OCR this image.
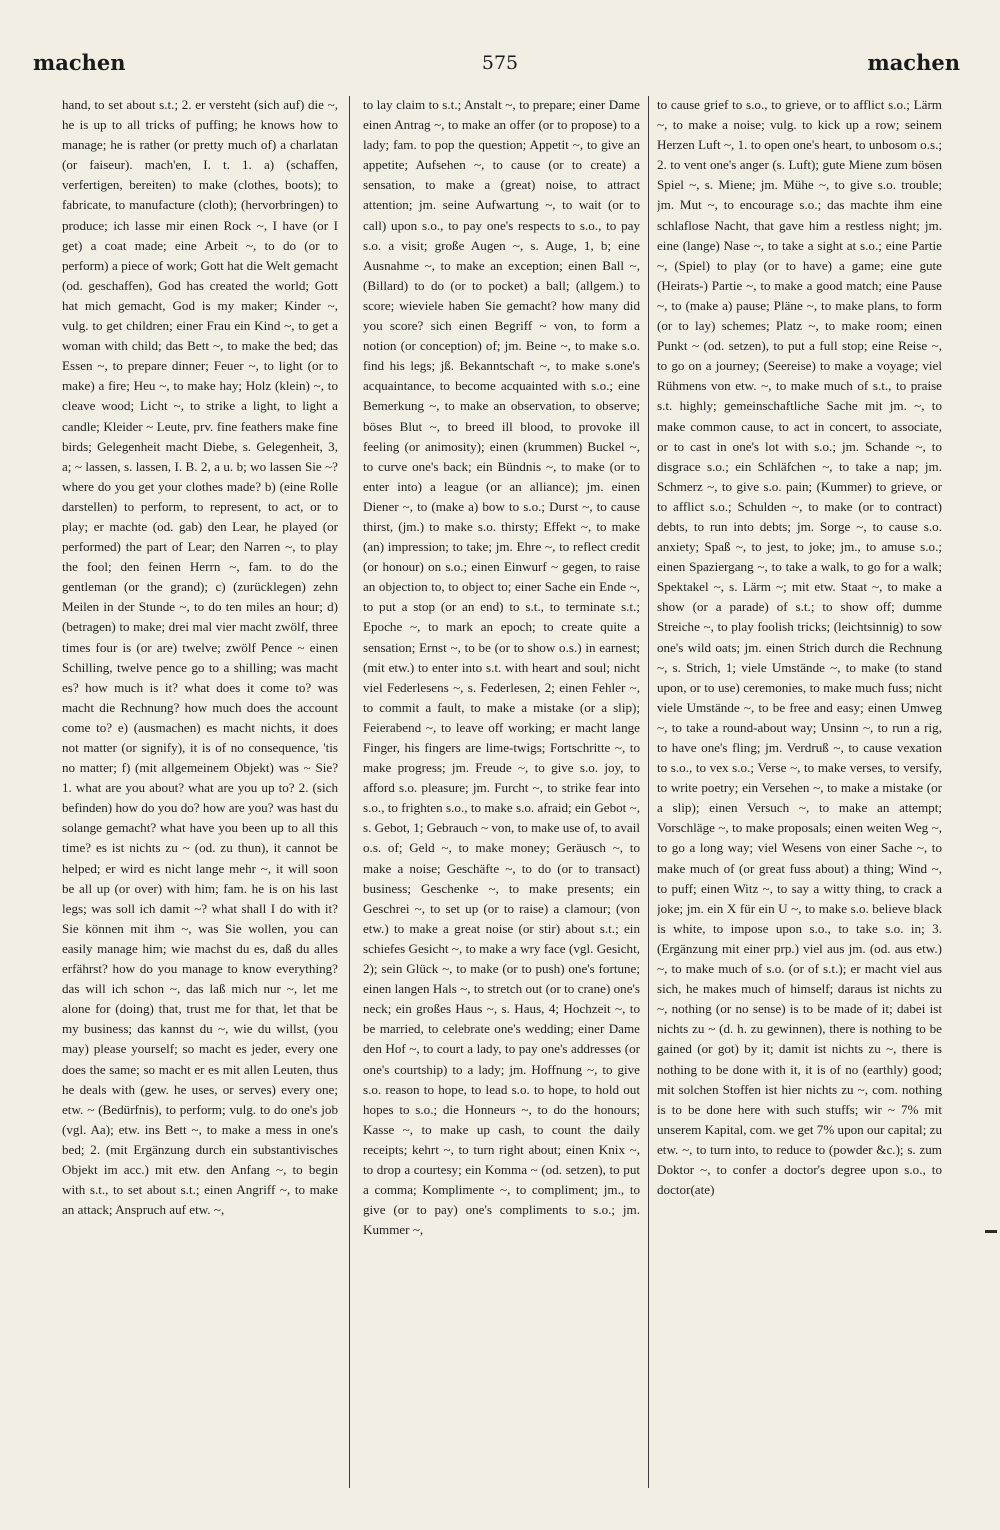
machen	575	machen
hand, to set about s.t.; 2. er versteht (sich auf) die ~, he is up to all tricks of puffing; he knows how to manage; he is rather (or pretty much of) a charlatan (or faiseur). mach'en, I. t. 1. a) (schaffen, verfertigen, bereiten) to make (clothes, boots); to fabricate, to manufacture (cloth); (hervorbringen) to produce; ich lasse mir einen Rock ~, I have (or I get) a coat made; eine Arbeit ~, to do (or to perform) a piece of work; Gott hat die Welt gemacht (od. geschaffen), God has created the world; Gott hat mich gemacht, God is my maker; Kinder ~, vulg. to get children; einer Frau ein Kind ~, to get a woman with child; das Bett ~, to make the bed; das Essen ~, to prepare dinner; Feuer ~, to light (or to make) a fire; Heu ~, to make hay; Holz (klein) ~, to cleave wood; Licht ~, to strike a light, to light a candle; Kleider ~ Leute, prv. fine feathers make fine birds; Gelegenheit macht Diebe, s. Gelegenheit, 3, a; ~ lassen, s. lassen, I. B. 2, a u. b; wo lassen Sie ~? where do you get your clothes made? b) (eine Rolle darstellen) to perform, to represent, to act, or to play; er machte (od. gab) den Lear, he played (or performed) the part of Lear; den Narren ~, to play the fool; den feinen Herrn ~, fam. to do the gentleman (or the grand); c) (zurücklegen) zehn Meilen in der Stunde ~, to do ten miles an hour; d) (betragen) to make; drei mal vier macht zwölf, three times four is (or are) twelve; zwölf Pence ~ einen Schilling, twelve pence go to a shilling; was macht es? how much is it? what does it come to? was macht die Rechnung? how much does the account come to? e) (ausmachen) es macht nichts, it does not matter (or signify), it is of no consequence, 'tis no matter; f) (mit allgemeinem Objekt) was ~ Sie? 1. what are you about? what are you up to? 2. (sich befinden) how do you do? how are you? was hast du solange gemacht? what have you been up to all this time? es ist nichts zu ~ (od. zu thun), it cannot be helped; er wird es nicht lange mehr ~, it will soon be all up (or over) with him; fam. he is on his last legs; was soll ich damit ~? what shall I do with it? Sie können mit ihm ~, was Sie wollen, you can easily manage him; wie machst du es, daß du alles erfährst? how do you manage to know everything? das will ich schon ~, das laß mich nur ~, let me alone for (doing) that, trust me for that, let that be my business; das kannst du ~, wie du willst, (you may) please yourself; so macht es jeder, every one does the same; so macht er es mit allen Leuten, thus he deals with (gew. he uses, or serves) every one; etw. ~ (Bedürfnis), to perform; vulg. to do one's job (vgl. Aa); etw. ins Bett ~, to make a mess in one's bed; 2. (mit Ergänzung durch ein substantivisches Objekt im acc.) mit etw. den Anfang ~, to begin with s.t., to set about s.t.; einen Angriff ~, to make an attack; Anspruch auf etw. ~,
to lay claim to s.t.; Anstalt ~, to prepare; einer Dame einen Antrag ~, to make an offer (or to propose) to a lady; fam. to pop the question; Appetit ~, to give an appetite; Aufsehen ~, to cause (or to create) a sensation, to make a (great) noise, to attract attention; jm. seine Aufwartung ~, to wait (or to call) upon s.o., to pay one's respects to s.o., to pay s.o. a visit; große Augen ~, s. Auge, 1, b; eine Ausnahme ~, to make an exception; einen Ball ~, (Billard) to do (or to pocket) a ball; (allgem.) to score; wieviele haben Sie gemacht? how many did you score? sich einen Begriff ~ von, to form a notion (or conception) of; jm. Beine ~, to make s.o. find his legs; jß. Bekanntschaft ~, to make s.one's acquaintance, to become acquainted with s.o.; eine Bemerkung ~, to make an observation, to observe; böses Blut ~, to breed ill blood, to provoke ill feeling (or animosity); einen (krummen) Buckel ~, to curve one's back; ein Bündnis ~, to make (or to enter into) a league (or an alliance); jm. einen Diener ~, to (make a) bow to s.o.; Durst ~, to cause thirst, (jm.) to make s.o. thirsty; Effekt ~, to make (an) impression; to take; jm. Ehre ~, to reflect credit (or honour) on s.o.; einen Einwurf ~ gegen, to raise an objection to, to object to; einer Sache ein Ende ~, to put a stop (or an end) to s.t., to terminate s.t.; Epoche ~, to mark an epoch; to create quite a sensation; Ernst ~, to be (or to show o.s.) in earnest; (mit etw.) to enter into s.t. with heart and soul; nicht viel Federlesens ~, s. Federlesen, 2; einen Fehler ~, to commit a fault, to make a mistake (or a slip); Feierabend ~, to leave off working; er macht lange Finger, his fingers are lime-twigs; Fortschritte ~, to make progress; jm. Freude ~, to give s.o. joy, to afford s.o. pleasure; jm. Furcht ~, to strike fear into s.o., to frighten s.o., to make s.o. afraid; ein Gebot ~, s. Gebot, 1; Gebrauch ~ von, to make use of, to avail o.s. of; Geld ~, to make money; Geräusch ~, to make a noise; Geschäfte ~, to do (or to transact) business; Geschenke ~, to make presents; ein Geschrei ~, to set up (or to raise) a clamour; (von etw.) to make a great noise (or stir) about s.t.; ein schiefes Gesicht ~, to make a wry face (vgl. Gesicht, 2); sein Glück ~, to make (or to push) one's fortune; einen langen Hals ~, to stretch out (or to crane) one's neck; ein großes Haus ~, s. Haus, 4; Hochzeit ~, to be married, to celebrate one's wedding; einer Dame den Hof ~, to court a lady, to pay one's addresses (or one's courtship) to a lady; jm. Hoffnung ~, to give s.o. reason to hope, to lead s.o. to hope, to hold out hopes to s.o.; die Honneurs ~, to do the honours; Kasse ~, to make up cash, to count the daily receipts; kehrt ~, to turn right about; einen Knix ~, to drop a courtesy; ein Komma ~ (od. setzen), to put a comma; Komplimente ~, to compliment; jm., to give (or to pay) one's compliments to s.o.; jm. Kummer ~,
to cause grief to s.o., to grieve, or to afflict s.o.; Lärm ~, to make a noise; vulg. to kick up a row; seinem Herzen Luft ~, 1. to open one's heart, to unbosom o.s.; 2. to vent one's anger (s. Luft); gute Miene zum bösen Spiel ~, s. Miene; jm. Mühe ~, to give s.o. trouble; jm. Mut ~, to encourage s.o.; das machte ihm eine schlaflose Nacht, that gave him a restless night; jm. eine (lange) Nase ~, to take a sight at s.o.; eine Partie ~, (Spiel) to play (or to have) a game; eine gute (Heirats-) Partie ~, to make a good match; eine Pause ~, to (make a) pause; Pläne ~, to make plans, to form (or to lay) schemes; Platz ~, to make room; einen Punkt ~ (od. setzen), to put a full stop; eine Reise ~, to go on a journey; (Seereise) to make a voyage; viel Rühmens von etw. ~, to make much of s.t., to praise s.t. highly; gemeinschaftliche Sache mit jm. ~, to make common cause, to act in concert, to associate, or to cast in one's lot with s.o.; jm. Schande ~, to disgrace s.o.; ein Schläfchen ~, to take a nap; jm. Schmerz ~, to give s.o. pain; (Kummer) to grieve, or to afflict s.o.; Schulden ~, to make (or to contract) debts, to run into debts; jm. Sorge ~, to cause s.o. anxiety; Spaß ~, to jest, to joke; jm., to amuse s.o.; einen Spaziergang ~, to take a walk, to go for a walk; Spektakel ~, s. Lärm ~; mit etw. Staat ~, to make a show (or a parade) of s.t.; to show off; dumme Streiche ~, to play foolish tricks; (leichtsinnig) to sow one's wild oats; jm. einen Strich durch die Rechnung ~, s. Strich, 1; viele Umstände ~, to make (to stand upon, or to use) ceremonies, to make much fuss; nicht viele Umstände ~, to be free and easy; einen Umweg ~, to take a round-about way; Unsinn ~, to run a rig, to have one's fling; jm. Verdruß ~, to cause vexation to s.o., to vex s.o.; Verse ~, to make verses, to versify, to write poetry; ein Versehen ~, to make a mistake (or a slip); einen Versuch ~, to make an attempt; Vorschläge ~, to make proposals; einen weiten Weg ~, to go a long way; viel Wesens von einer Sache ~, to make much of (or great fuss about) a thing; Wind ~, to puff; einen Witz ~, to say a witty thing, to crack a joke; jm. ein X für ein U ~, to make s.o. believe black is white, to impose upon s.o., to take s.o. in; 3. (Ergänzung mit einer prp.) viel aus jm. (od. aus etw.) ~, to make much of s.o. (or of s.t.); er macht viel aus sich, he makes much of himself; daraus ist nichts zu ~, nothing (or no sense) is to be made of it; dabei ist nichts zu ~ (d. h. zu gewinnen), there is nothing to be gained (or got) by it; damit ist nichts zu ~, there is nothing to be done with it, it is of no (earthly) good; mit solchen Stoffen ist hier nichts zu ~, com. nothing is to be done here with such stuffs; wir ~ 7% mit unserem Kapital, com. we get 7% upon our capital; zu etw. ~, to turn into, to reduce to (powder &c.); s. zum Doktor ~, to confer a doctor's degree upon s.o., to doctor(ate)
